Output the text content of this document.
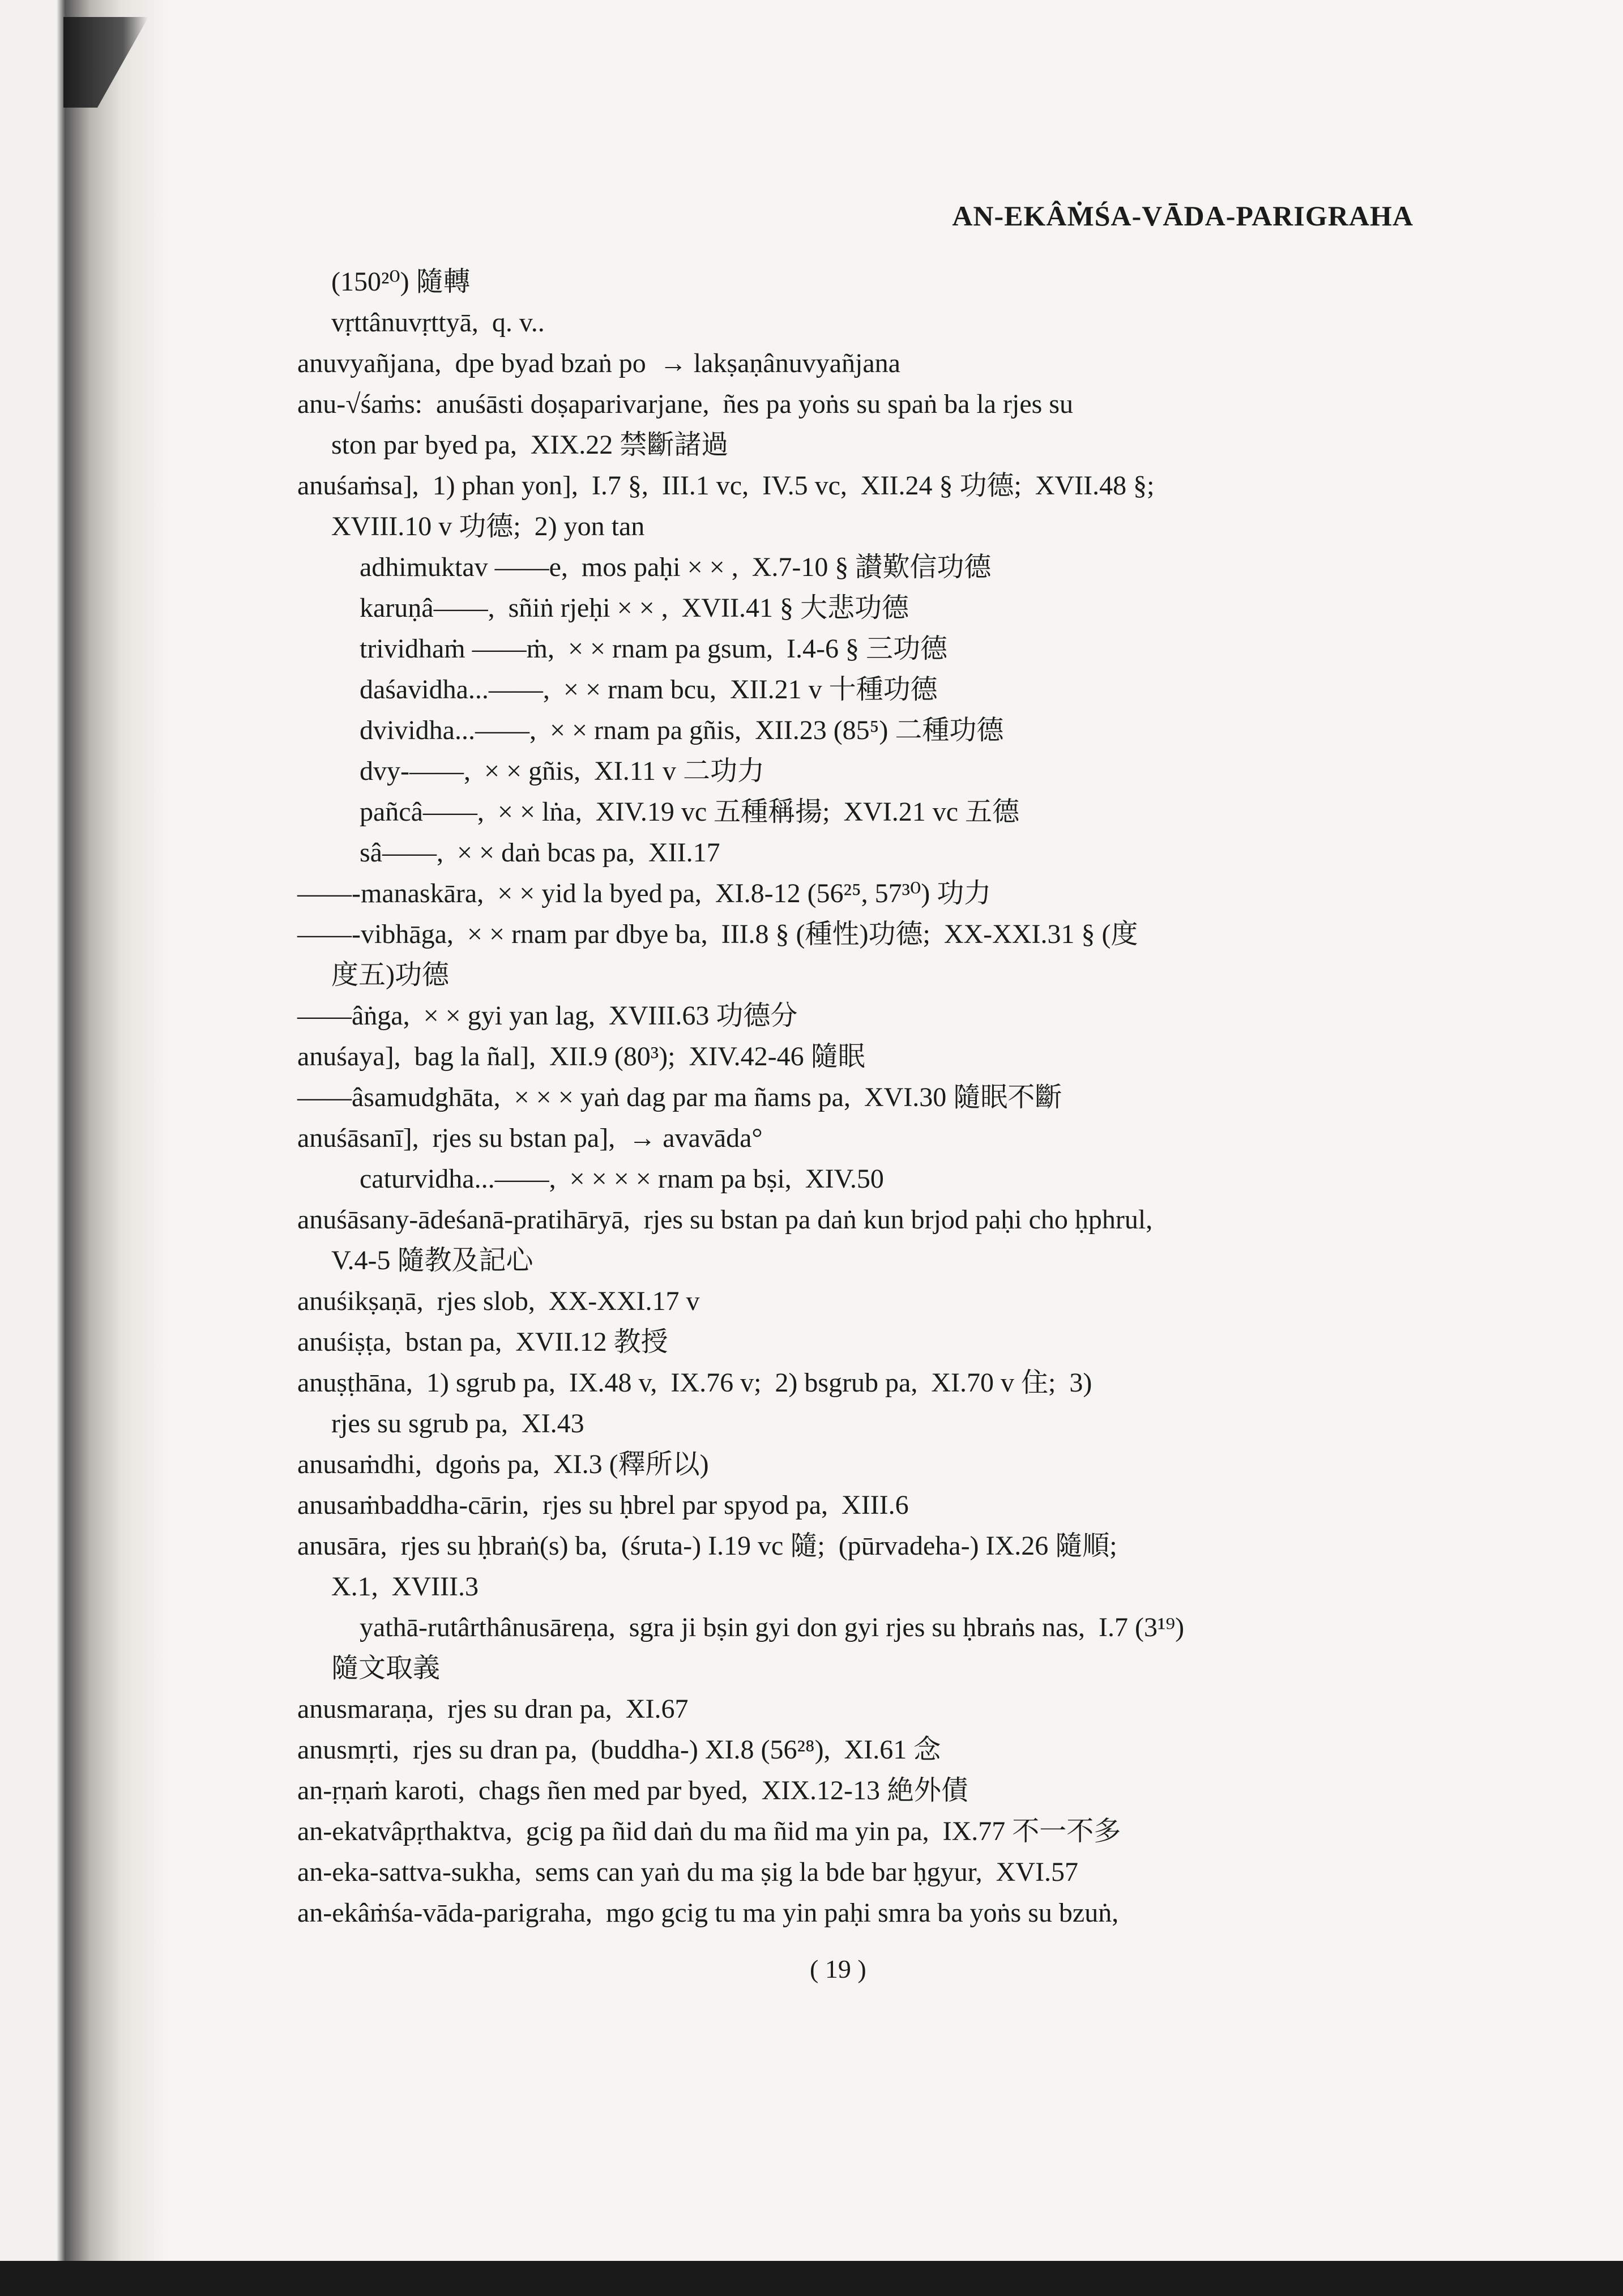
AN-EKÂṀŚA-VĀDA-PARIGRAHA
(150²⁰) 隨轉
vṛttânuvṛttyā,  q. v..
anuvyañjana,  dpe byad bzaṅ po  → lakṣaṇânuvyañjana
anu-√śaṁs:  anuśāsti doṣaparivarjane,  ñes pa yoṅs su spaṅ ba la rjes su
ston par byed pa,  XIX.22 禁斷諸過
anuśaṁsa],  1) phan yon],  I.7 §,  III.1 vc,  IV.5 vc,  XII.24 § 功德;  XVII.48 §;
XVIII.10 v 功德;  2) yon tan
adhimuktav ——e,  mos paḥi × × ,  X.7-10 § 讃歎信功德
karuṇâ——,  sñiṅ rjeḥi × × ,  XVII.41 § 大悲功德
trividhaṁ ——ṁ,  × × rnam pa gsum,  I.4-6 § 三功德
daśavidha...——,  × × rnam bcu,  XII.21 v 十種功德
dvividha...——,  × × rnam pa gñis,  XII.23 (85⁵) 二種功德
dvy-——,  × × gñis,  XI.11 v 二功力
pañcâ——,  × × lṅa,  XIV.19 vc 五種稱揚;  XVI.21 vc 五德
sâ——,  × × daṅ bcas pa,  XII.17
——-manaskāra,  × × yid la byed pa,  XI.8-12 (56²⁵, 57³⁰) 功力
——-vibhāga,  × × rnam par dbye ba,  III.8 § (種性)功德;  XX-XXI.31 § (度
度五)功德
——âṅga,  × × gyi yan lag,  XVIII.63 功德分
anuśaya],  bag la ñal],  XII.9 (80³);  XIV.42-46 隨眠
——âsamudghāta,  × × × yaṅ dag par ma ñams pa,  XVI.30 隨眠不斷
anuśāsanī],  rjes su bstan pa],  → avavāda°
caturvidha...——,  × × × × rnam pa bṣi,  XIV.50
anuśāsany-ādeśanā-pratihāryā,  rjes su bstan pa daṅ kun brjod paḥi cho ḥphrul,
V.4-5 隨教及記心
anuśikṣaṇā,  rjes slob,  XX-XXI.17 v
anuśiṣṭa,  bstan pa,  XVII.12 教授
anuṣṭhāna,  1) sgrub pa,  IX.48 v,  IX.76 v;  2) bsgrub pa,  XI.70 v 住;  3)
rjes su sgrub pa,  XI.43
anusaṁdhi,  dgoṅs pa,  XI.3 (釋所以)
anusaṁbaddha-cārin,  rjes su ḥbrel par spyod pa,  XIII.6
anusāra,  rjes su ḥbraṅ(s) ba,  (śruta-) I.19 vc 隨;  (pūrvadeha-) IX.26 隨順;
X.1,  XVIII.3
yathā-rutârthânusāreṇa,  sgra ji bṣin gyi don gyi rjes su ḥbraṅs nas,  I.7 (3¹⁹)
隨文取義
anusmaraṇa,  rjes su dran pa,  XI.67
anusmṛti,  rjes su dran pa,  (buddha-) XI.8 (56²⁸),  XI.61 念
an-ṛṇaṁ karoti,  chags ñen med par byed,  XIX.12-13 絶外債
an-ekatvâpṛthaktva,  gcig pa ñid daṅ du ma ñid ma yin pa,  IX.77 不一不多
an-eka-sattva-sukha,  sems can yaṅ du ma ṣig la bde bar ḥgyur,  XVI.57
an-ekâṁśa-vāda-parigraha,  mgo gcig tu ma yin paḥi smra ba yoṅs su bzuṅ,
( 19 )
